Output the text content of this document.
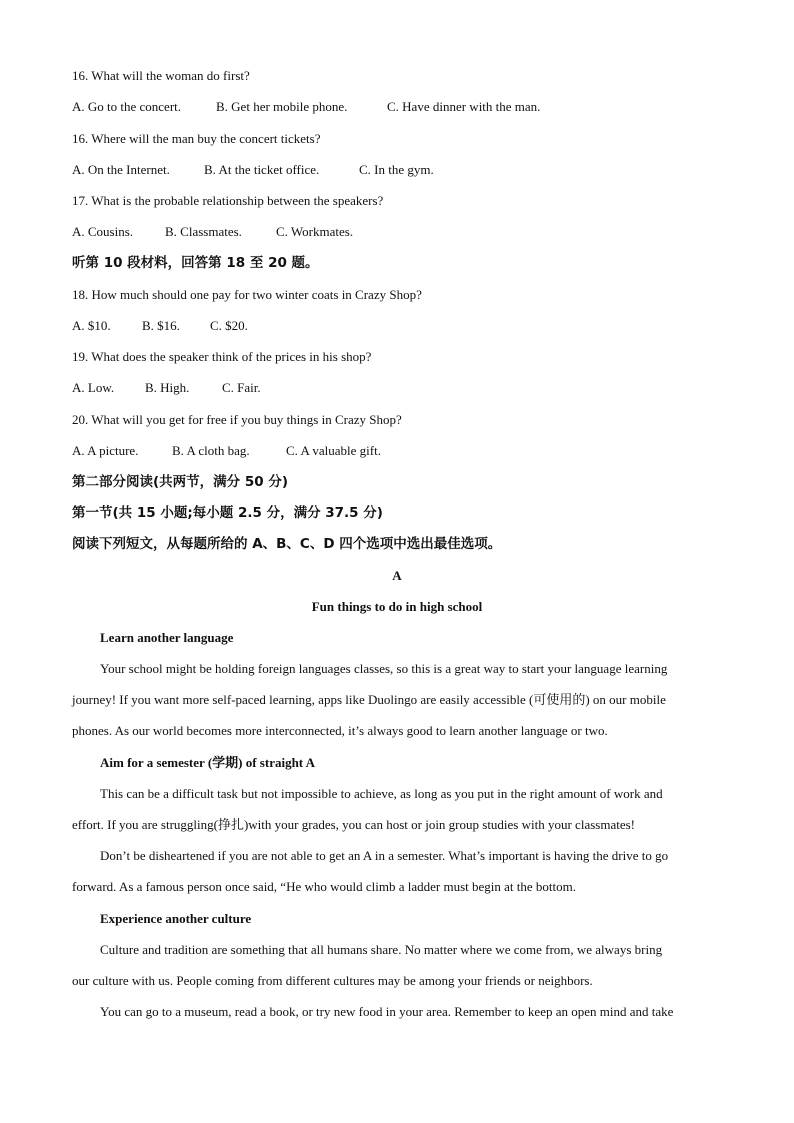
16. What will the woman do first?
A. Go to the concert.	B. Get her mobile phone.	C. Have dinner with the man.
16. Where will the man buy the concert tickets?
A. On the Internet.	B. At the ticket office.	C. In the gym.
17. What is the probable relationship between the speakers?
A. Cousins. B. Classmates.	C. Workmates.
听第 10 段材料，回答第 18 至 20 题。
18. How much should one pay for two winter coats in Crazy Shop?
A. $10. B. $16. C. $20.
19. What does the speaker think of the prices in his shop?
A. Low. B. High.	C. Fair.
20. What will you get for free if you buy things in Crazy Shop?
A. A picture.	B. A cloth bag.	C. A valuable gift.
第二部分阅读(共两节，满分 50 分)
第一节(共 15 小题;每小题 2.5 分，满分 37.5 分)
阅读下列短文，从每题所给的 A、B、C、D 四个选项中选出最佳选项。
A
Fun things to do in high school
Learn another language
Your school might be holding foreign languages classes, so this is a great way to start your language learning
journey! If you want more self-paced learning, apps like Duolingo are easily accessible (可使用的) on our mobile
phones. As our world becomes more interconnected, it’s always good to learn another language or two.
Aim for a semester (学期) of straight A
This can be a difficult task but not impossible to achieve, as long as you put in the right amount of work and
effort. If you are struggling(挣扎)with your grades, you can host or join group studies with your classmates!
Don’t be disheartened if you are not able to get an A in a semester. What’s important is having the drive to go
forward. As a famous person once said, “He who would climb a ladder must begin at the bottom.
Experience another culture
Culture and tradition are something that all humans share. No matter where we come from, we always bring
our culture with us. People coming from different cultures may be among your friends or neighbors.
You can go to a museum, read a book, or try new food in your area. Remember to keep an open mind and take
